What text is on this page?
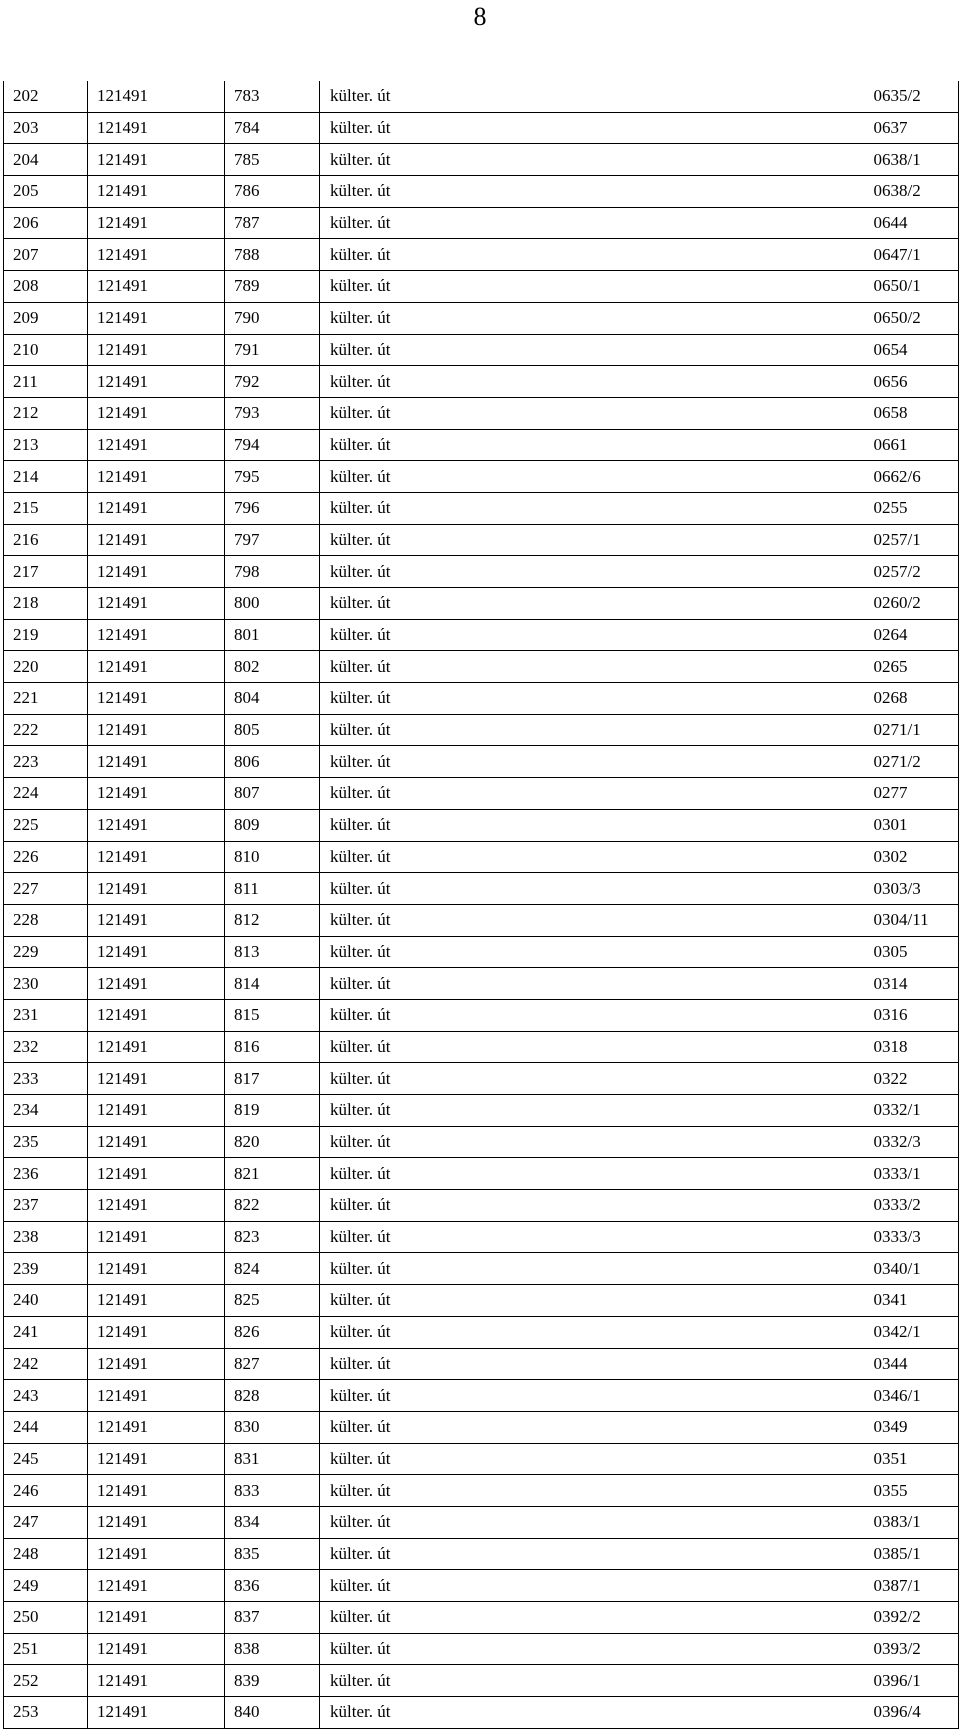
8
202	121491	783	külter. út		0635/2
203	121491	784	külter. út		0637
204	121491	785	külter. út		0638/1
205	121491	786	külter. út		0638/2
206	121491	787	külter. út		0644
207	121491	788	külter. út		0647/1
208	121491	789	külter. út		0650/1
209	121491	790	külter. út		0650/2
210	121491	791	külter. út		0654
211	121491	792	külter. út		0656
212	121491	793	külter. út		0658
213	121491	794	külter. út		0661
214	121491	795	külter. út		0662/6
215	121491	796	külter. út		0255
216	121491	797	külter. út		0257/1
217	121491	798	külter. út		0257/2
218	121491	800	külter. út		0260/2
219	121491	801	külter. út		0264
220	121491	802	külter. út		0265
221	121491	804	külter. út		0268
222	121491	805	külter. út		0271/1
223	121491	806	külter. út		0271/2
224	121491	807	külter. út		0277
225	121491	809	külter. út		0301
226	121491	810	külter. út		0302
227	121491	811	külter. út		0303/3
228	121491	812	külter. út		0304/11
229	121491	813	külter. út		0305
230	121491	814	külter. út		0314
231	121491	815	külter. út		0316
232	121491	816	külter. út		0318
233	121491	817	külter. út		0322
234	121491	819	külter. út		0332/1
235	121491	820	külter. út		0332/3
236	121491	821	külter. út		0333/1
237	121491	822	külter. út		0333/2
238	121491	823	külter. út		0333/3
239	121491	824	külter. út		0340/1
240	121491	825	külter. út		0341
241	121491	826	külter. út		0342/1
242	121491	827	külter. út		0344
243	121491	828	külter. út		0346/1
244	121491	830	külter. út		0349
245	121491	831	külter. út		0351
246	121491	833	külter. út		0355
247	121491	834	külter. út		0383/1
248	121491	835	külter. út		0385/1
249	121491	836	külter. út		0387/1
250	121491	837	külter. út		0392/2
251	121491	838	külter. út		0393/2
252	121491	839	külter. út		0396/1
253	121491	840	külter. út		0396/4
